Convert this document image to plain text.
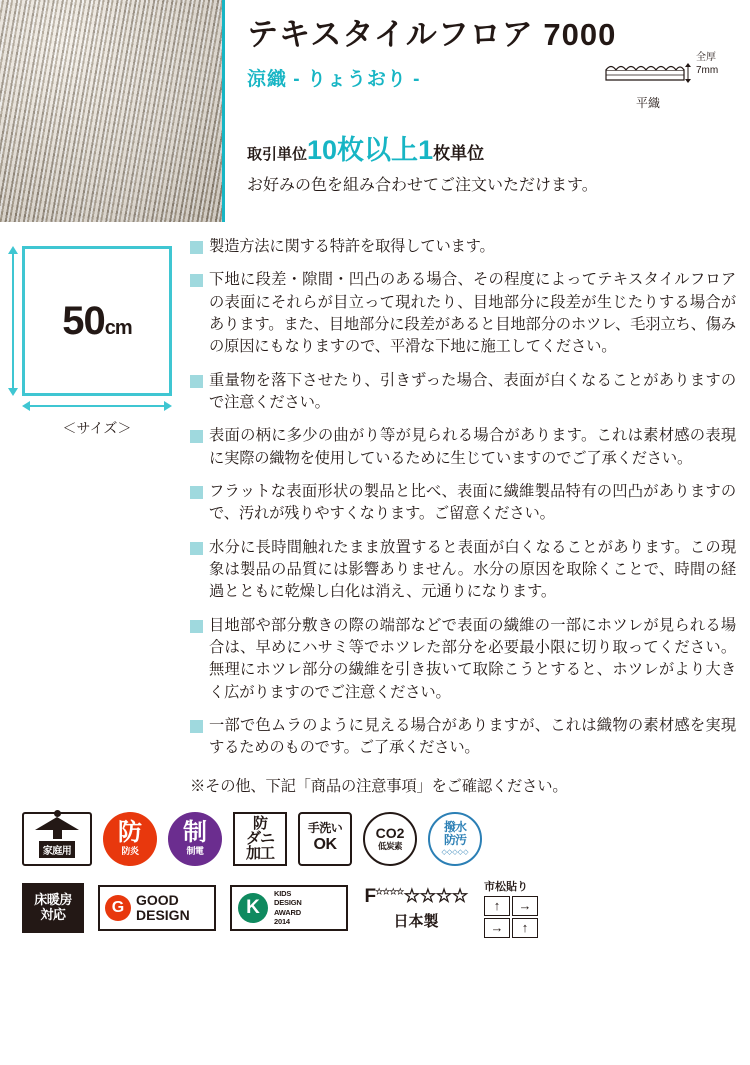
テキスタイルフロア 7000
涼織 - りょうおり -
全厚
7mm
平織
取引単位 10枚以上 1 枚単位
お好みの色を組み合わせてご注文いただけます。
50cm
＜サイズ＞

製造方法に関する特許を取得しています。

下地に段差・隙間・凹凸のある場合、その程度によってテキスタイルフロアの表面にそれらが目立って現れたり、目地部分に段差が生じたりする場合があります。また、目地部分に段差があると目地部分のホツレ、毛羽立ち、傷みの原因にもなりますので、平滑な下地に施工してください。

重量物を落下させたり、引きずった場合、表面が白くなることがありますので注意ください。

表面の柄に多少の曲がり等が見られる場合があります。これは素材感の表現に実際の織物を使用しているために生じていますのでご了承ください。

フラットな表面形状の製品と比べ、表面に繊維製品特有の凹凸がありますので、汚れが残りやすくなります。ご留意ください。

水分に長時間触れたまま放置すると表面が白くなることがあります。この現象は製品の品質には影響ありません。水分の原因を取除くことで、時間の経過とともに乾燥し白化は消え、元通りになります。

目地部や部分敷きの際の端部などで表面の繊維の一部にホツレが見られる場合は、早めにハサミ等でホツレた部分を必要最小限に切り取ってください。無理にホツレ部分の繊維を引き抜いて取除こうとすると、ホツレがより大きく広がりますのでご注意ください。

一部で色ムラのように見える場合がありますが、これは織物の素材感を実現するためのものです。ご了承ください。

※その他、下記「商品の注意事項」をご確認ください。
家庭用
防
防炎
制
制電
防
ダニ
加工
手洗い
OK
CO2
低炭素
撥水
防汚
◇◇◇◇◇
床暖房
対応	G GOOD
DESIGN	K
KIDS
DESIGN
AWARD
2014
F☆☆☆☆☆☆☆☆
日本製
市松貼り
↑	→
→	↑
